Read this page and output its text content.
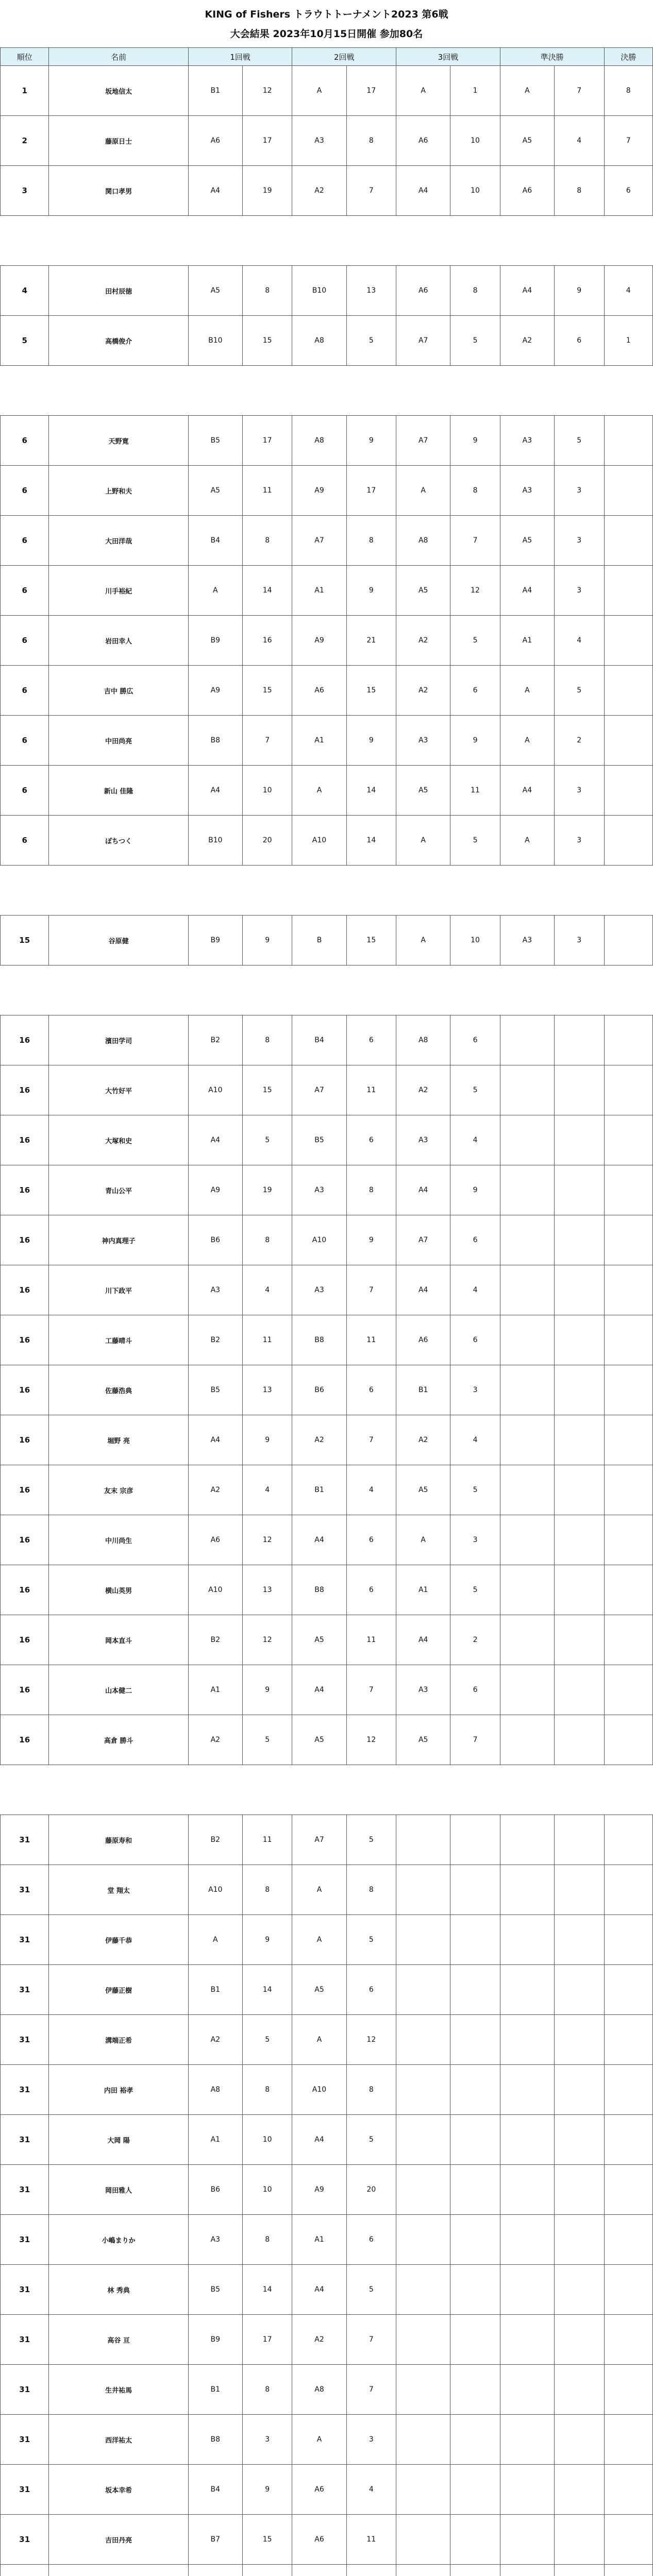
KING of Fishers トラウトトーナメント2023 第6戦
大会結果 2023年10月15日開催 参加80名
順位	名前	1回戦		2回戦		3回戦		準決勝		決勝
1	坂地信太	B1	12	A	17	A	1	A	7	8
2	藤原日士	A6	17	A3	8	A6	10	A5	4	7
3	関口孝男	A4	19	A2	7	A4	10	A6	8	6

4	田村辰徳	A5	8	B10	13	A6	8	A4	9	4
5	高橋俊介	B10	15	A8	5	A7	5	A2	6	1

6	天野寛	B5	17	A8	9	A7	9	A3	5	
6	上野和夫	A5	11	A9	17	A	8	A3	3	
6	大田洋哉	B4	8	A7	8	A8	7	A5	3	
6	川手裕紀	A	14	A1	9	A5	12	A4	3	
6	岩田幸人	B9	16	A9	21	A2	5	A1	4	
6	吉中 勝広	A9	15	A6	15	A2	6	A	5	
6	中田尚亮	B8	7	A1	9	A3	9	A	2	
6	新山 佳隆	A4	10	A	14	A5	11	A4	3	
6	ぽちつく	B10	20	A10	14	A	5	A	3	

15	谷原健	B9	9	B	15	A	10	A3	3	

16	濱田学司	B2	8	B4	6	A8	6			
16	大竹好平	A10	15	A7	11	A2	5			
16	大塚和史	A4	5	B5	6	A3	4			
16	青山公平	A9	19	A3	8	A4	9			
16	神内真理子	B6	8	A10	9	A7	6			
16	川下政平	A3	4	A3	7	A4	4			
16	工藤晴斗	B2	11	B8	11	A6	6			
16	佐藤浩典	B5	13	B6	6	B1	3			
16	堀野 亮	A4	9	A2	7	A2	4			
16	友末 宗彦	A2	4	B1	4	A5	5			
16	中川尚生	A6	12	A4	6	A	3			
16	横山英男	A10	13	B8	6	A1	5			
16	岡本直斗	B2	12	A5	11	A4	2			
16	山本健二	A1	9	A4	7	A3	6			
16	高倉 勝斗	A2	5	A5	12	A5	7			

31	藤原寿和	B2	11	A7	5					
31	堂 翔太	A10	8	A	8					
31	伊藤千恭	A	9	A	5					
31	伊藤正樹	B1	14	A5	6					
31	溝端正希	A2	5	A	12					
31	内田 裕孝	A8	8	A10	8					
31	大岡 陽	A1	10	A4	5					
31	岡田雅人	B6	10	A9	20					
31	小嶋まりか	A3	8	A1	6					
31	林 秀典	B5	14	A4	5					
31	高谷 亘	B9	17	A2	7					
31	生井祐馬	B1	8	A8	7					
31	西洋祐太	B8	3	A	3					
31	坂本幸希	B4	9	A6	4					
31	吉田丹亮	B7	15	A6	11					
